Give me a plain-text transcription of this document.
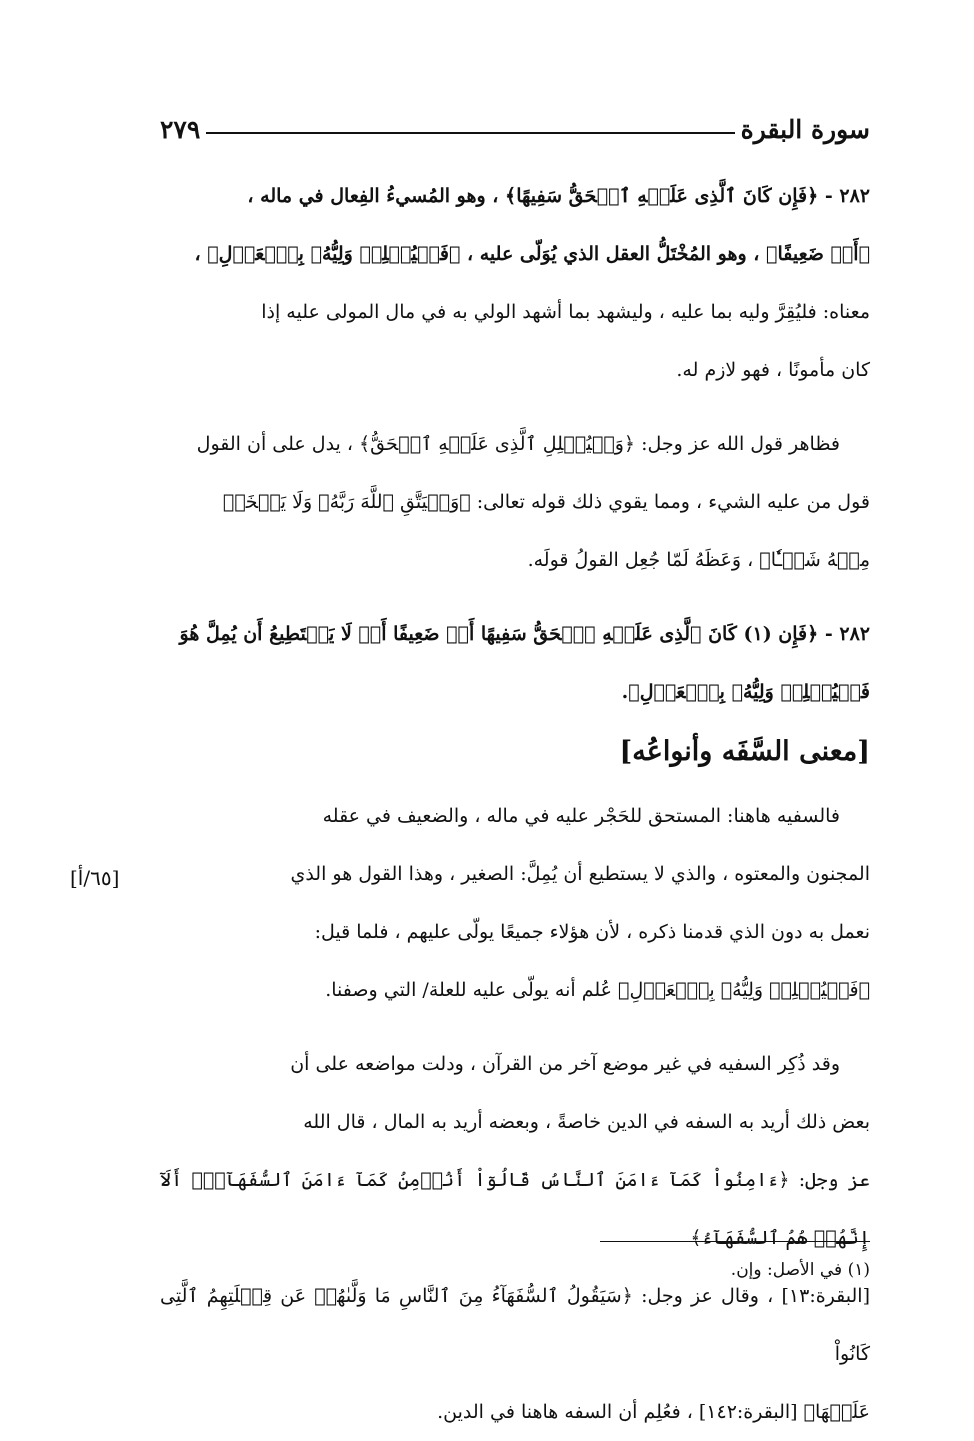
سورة البقرة
٢٧٩

٢٨٢ - ﴿فَإِن كَانَ ٱلَّذِى عَلَيۡهِ ٱلۡحَقُّ سَفِيهًا﴾ ، وهو المُسيءُ الفِعال في ماله ،

﴿أَوۡ ضَعِيفًا﴾ ، وهو المُخْتَلُّ العقل الذي يُوَلّى عليه ، ﴿فَلۡيُمۡلِلۡ وَلِيُّهُۥ بِٱلۡعَدۡلِ﴾ ،

معناه: فليُقِرَّ وليه بما عليه ، وليشهد بما أشهد الولي به في مال المولى عليه إذا

كان مأمونًا ، فهو لازم له.

فظاهر قول الله عز وجل: ﴿وَلۡيُمۡلِلِ ٱلَّذِى عَلَيۡهِ ٱلۡحَقُّ﴾ ، يدل على أن القول

قول من عليه الشيء ، ومما يقوي ذلك قوله تعالى: ﴿وَلۡيَتَّقِ ٱللَّهَ رَبَّهُۥ وَلَا يَبۡخَسۡ

مِنۡهُ شَيۡـٔٗا﴾ ، وَعَظَهُ لَمّا جُعِل القولُ قولَه.

٢٨٢ - ﴿فَإِن (١) كَانَ ٱلَّذِى عَلَيۡهِ ٱلۡحَقُّ سَفِيهًا أَوۡ ضَعِيفًا أَوۡ لَا يَسۡتَطِيعُ أَن يُمِلَّ هُوَ

فَلۡيُمۡلِلۡ وَلِيُّهُۥ بِٱلۡعَدۡلِ﴾.

[معنى السَّفَه وأنواعُه]

فالسفيه هاهنا: المستحق للحَجْر عليه في ماله ، والضعيف في عقله

المجنون والمعتوه ، والذي لا يستطيع أن يُمِلَّ: الصغير ، وهذا القول هو الذي

نعمل به دون الذي قدمنا ذكره ، لأن هؤلاء جميعًا يولّى عليهم ، فلما قيل:

﴿فَلۡيُمۡلِلۡ وَلِيُّهُۥ بِٱلۡعَدۡلِ﴾ عُلم أنه يولّى عليه للعلة/ التي وصفنا.

وقد ذُكِر السفيه في غير موضع آخر من القرآن ، ودلت مواضعه على أن

بعض ذلك أريد به السفه في الدين خاصةً ، وبعضه أريد به المال ، قال الله

عز وجل: ﴿ءَامِنُواْ كَمَآ ءَامَنَ ٱلنَّاسُ قَالُوٓاْ أَنُؤۡمِنُ كَمَآ ءَامَنَ ٱلسُّفَهَآءُۗ أَلَآ إِنَّهُمۡ هُمُ ٱلسُّفَهَآءُ﴾

[البقرة:١٣] ، وقال عز وجل: ﴿سَيَقُولُ ٱلسُّفَهَآءُ مِنَ ٱلنَّاسِ مَا وَلَّىٰهُمۡ عَن قِبۡلَتِهِمُ ٱلَّتِى كَانُواْ

عَلَيۡهَا﴾ [البقرة:١٤٢] ، فعُلِم أن السفه هاهنا في الدين.

[٦٥/أ]
(١) في الأصل: وإن.
